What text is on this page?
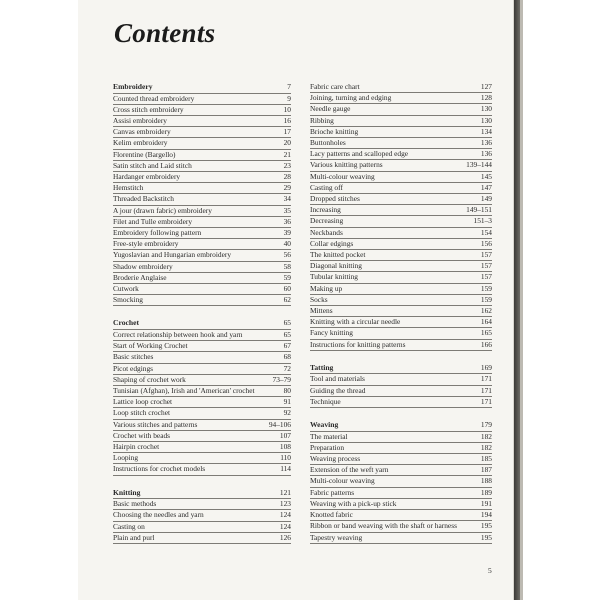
Contents
Embroidery	7
Counted thread embroidery	9
Cross stitch embroidery	10
Assisi embroidery	16
Canvas embroidery	17
Kelim embroidery	20
Florentine (Bargello)	21
Satin stitch and Laid stitch	23
Hardanger embroidery	28
Hemstitch	29
Threaded Backstitch	34
A jour (drawn fabric) embroidery	35
Filet and Tulle embroidery	36
Embroidery following pattern	39
Free-style embroidery	40
Yugoslavian and Hungarian embroidery	56
Shadow embroidery	58
Broderie Anglaise	59
Cutwork	60
Smocking	62
Crochet	65
Correct relationship between hook and yarn	65
Start of Working Crochet	67
Basic stitches	68
Picot edgings	72
Shaping of crochet work	73–79
Tunisian (Afghan), Irish and 'American' crochet	80
Lattice loop crochet	91
Loop stitch crochet	92
Various stitches and patterns	94–106
Crochet with beads	107
Hairpin crochet	108
Looping	110
Instructions for crochet models	114
Knitting	121
Basic methods	123
Choosing the needles and yarn	124
Casting on	124
Plain and purl	126
Fabric care chart	127
Joining, turning and edging	128
Needle gauge	130
Ribbing	130
Brioche knitting	134
Buttonholes	136
Lacy patterns and scalloped edge	136
Various knitting patterns	139–144
Multi-colour weaving	145
Casting off	147
Dropped stitches	149
Increasing	149–151
Decreasing	151–3
Neckbands	154
Collar edgings	156
The knitted pocket	157
Diagonal knitting	157
Tubular knitting	157
Making up	159
Socks	159
Mittens	162
Knitting with a circular needle	164
Fancy knitting	165
Instructions for knitting patterns	166
Tatting	169
Tool and materials	171
Guiding the thread	171
Technique	171
Weaving	179
The material	182
Preparation	182
Weaving process	185
Extension of the weft yarn	187
Multi-colour weaving	188
Fabric patterns	189
Weaving with a pick-up stick	191
Knotted fabric	194
Ribbon or band weaving with the shaft or harness	195
Tapestry weaving	195
5
